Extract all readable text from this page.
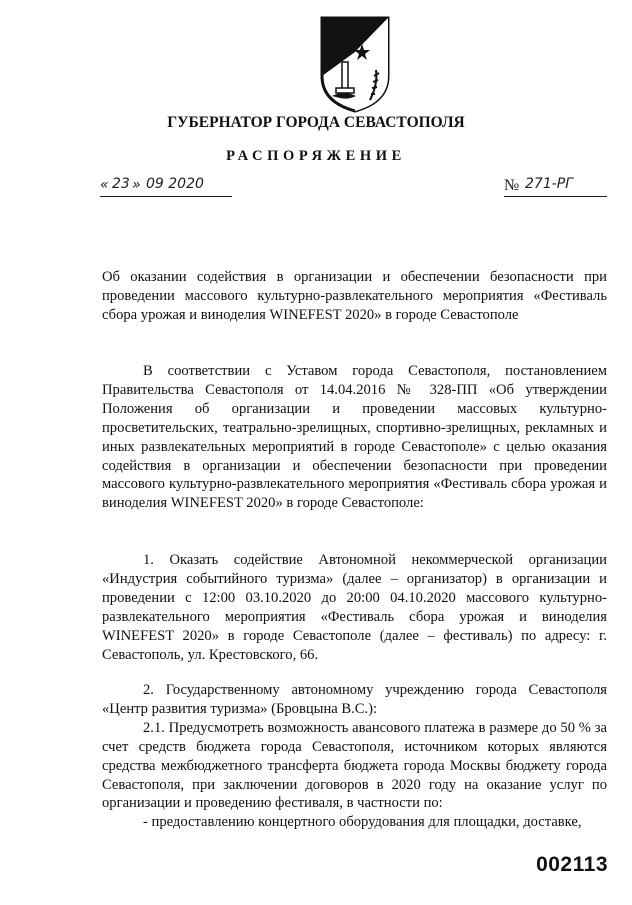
ГУБЕРНАТОР ГОРОДА СЕВАСТОПОЛЯ
РАСПОРЯЖЕНИЕ
« 23 » 09 2020	№ 271-РГ
Об оказании содействия в организации и обеспечении безопасности при проведении массового культурно-развлекательного мероприятия «Фестиваль сбора урожая и виноделия WINEFEST 2020» в городе Севастополе
В соответствии с Уставом города Севастополя, постановлением Правительства Севастополя от 14.04.2016 № 328-ПП «Об утверждении Положения об организации и проведении массовых культурно-просветительских, театрально-зрелищных, спортивно-зрелищных, рекламных и иных развлекательных мероприятий в городе Севастополе» с целью оказания содействия в организации и обеспечении безопасности при проведении массового культурно-развлекательного мероприятия «Фестиваль сбора урожая и виноделия WINEFEST 2020» в городе Севастополе:

1. Оказать содействие Автономной некоммерческой организации «Индустрия событийного туризма» (далее – организатор) в организации и проведении с 12:00 03.10.2020 до 20:00 04.10.2020 массового культурно-развлекательного мероприятия «Фестиваль сбора урожая и виноделия WINEFEST 2020» в городе Севастополе (далее – фестиваль) по адресу: г. Севастополь, ул. Крестовского, 66.

2. Государственному автономному учреждению города Севастополя «Центр развития туризма» (Бровцына В.С.):

2.1. Предусмотреть возможность авансового платежа в размере до 50 % за счет средств бюджета города Севастополя, источником которых являются средства межбюджетного трансферта бюджета города Москвы бюджету города Севастополя, при заключении договоров в 2020 году на оказание услуг по организации и проведению фестиваля, в частности по:

- предоставлению концертного оборудования для площадки, доставке,

002113
